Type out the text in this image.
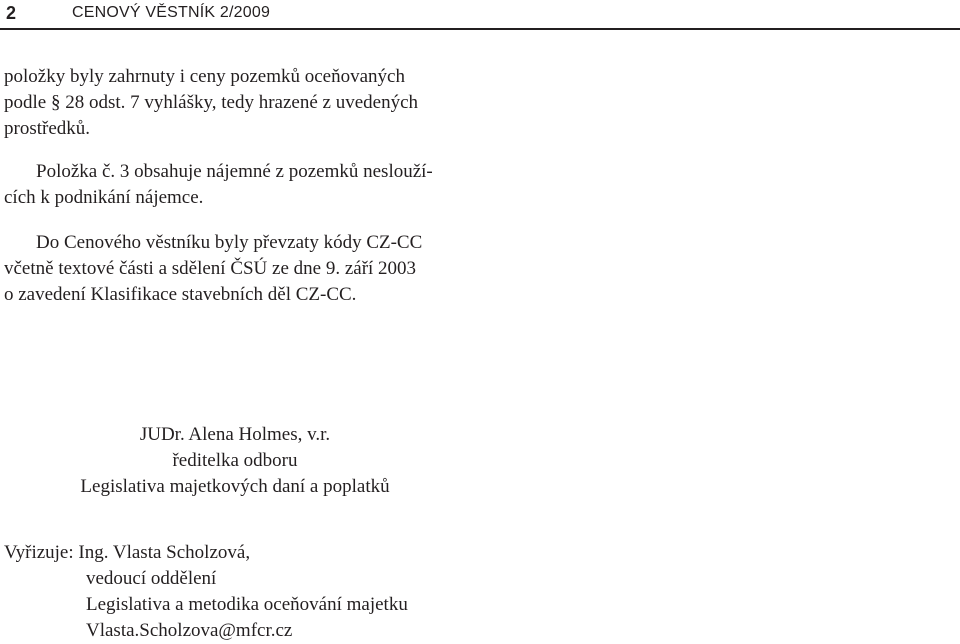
2	CENOVÝ VĚSTNÍK 2/2009
položky byly zahrnuty i ceny pozemků oceňovaných
podle § 28 odst. 7 vyhlášky, tedy hrazené z uvedených
prostředků.
Položka č. 3 obsahuje nájemné z pozemků neslouží-
cích k podnikání nájemce.
Do Cenového věstníku byly převzaty kódy CZ-CC
včetně textové části a sdělení ČSÚ ze dne 9. září 2003
o zavedení Klasifikace stavebních děl CZ-CC.
JUDr. Alena Holmes, v.r.
ředitelka odboru
Legislativa majetkových daní a poplatků
Vyřizuje: Ing. Vlasta Scholzová,
vedoucí oddělení
Legislativa a metodika oceňování majetku
Vlasta.Scholzova@mfcr.cz
